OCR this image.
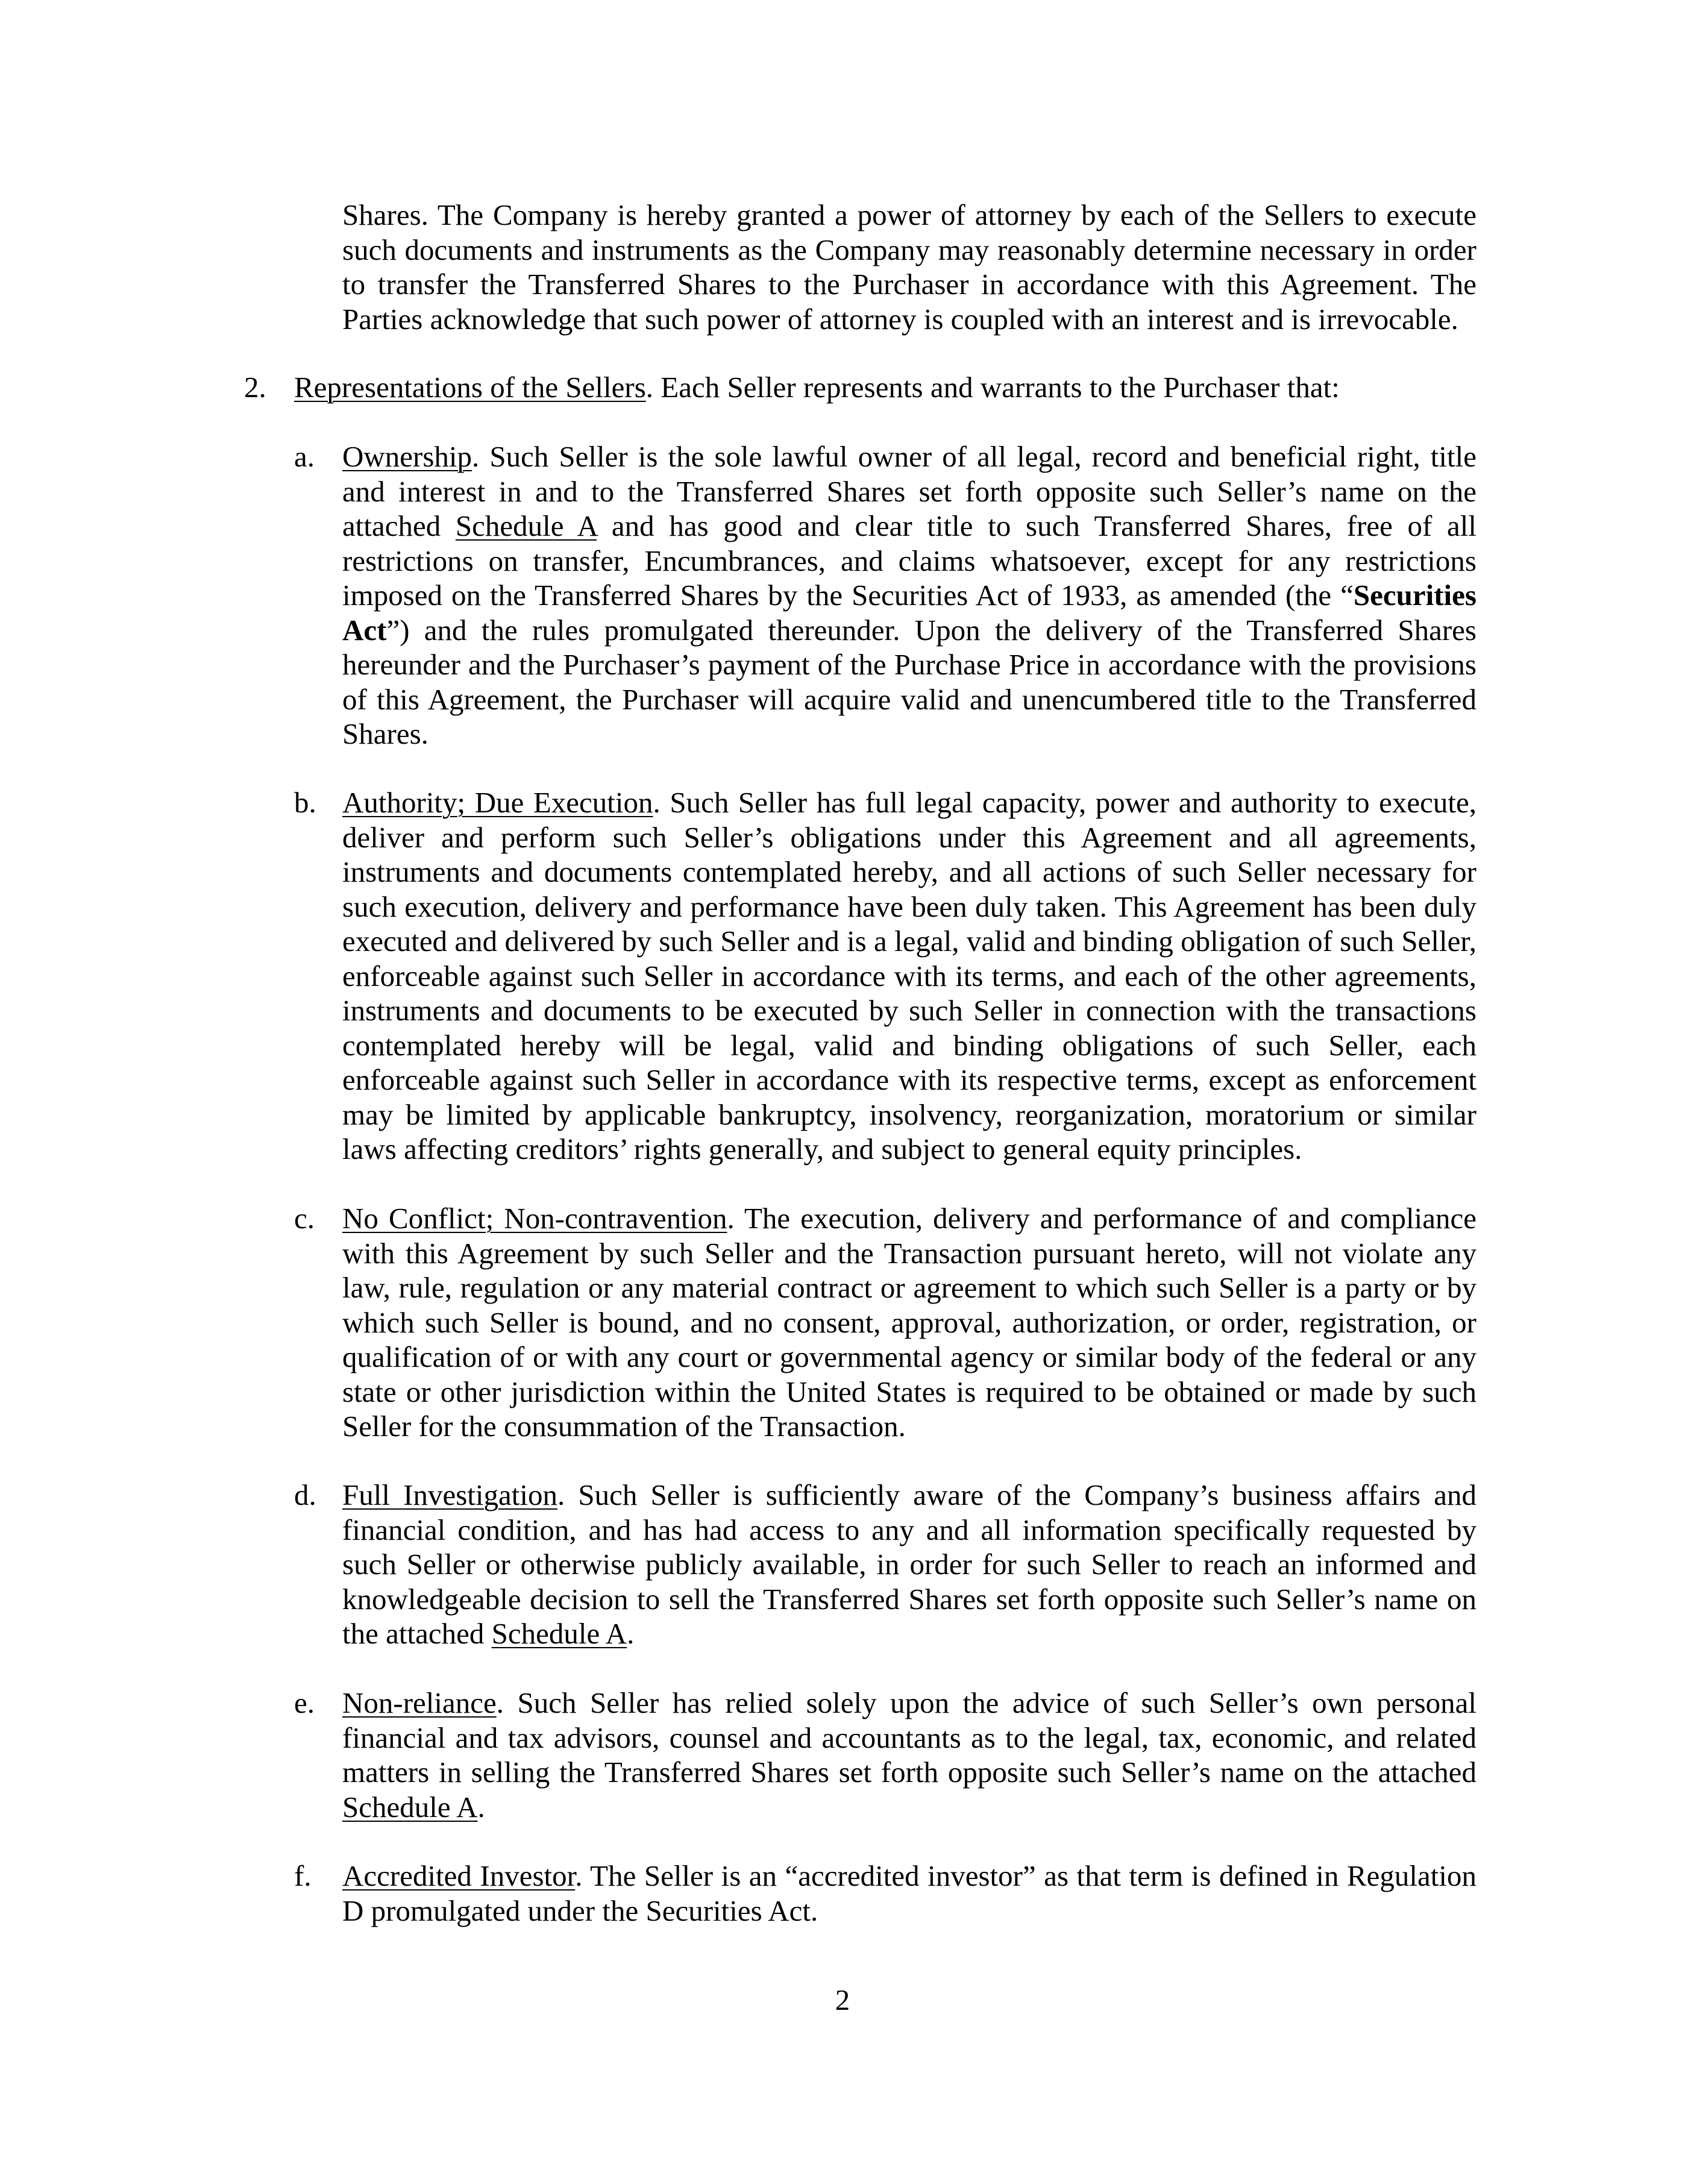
Shares. The Company is hereby granted a power of attorney by each of the Sellers to execute such documents and instruments as the Company may reasonably determine necessary in order to transfer the Transferred Shares to the Purchaser in accordance with this Agreement. The Parties acknowledge that such power of attorney is coupled with an interest and is irrevocable.

2. Representations of the Sellers. Each Seller represents and warrants to the Purchaser that:
a. Ownership. Such Seller is the sole lawful owner of all legal, record and beneficial right, title and interest in and to the Transferred Shares set forth opposite such Seller’s name on the attached Schedule A and has good and clear title to such Transferred Shares, free of all restrictions on transfer, Encumbrances, and claims whatsoever, except for any restrictions imposed on the Transferred Shares by the Securities Act of 1933, as amended (the “Securities Act”) and the rules promulgated thereunder. Upon the delivery of the Transferred Shares hereunder and the Purchaser’s payment of the Purchase Price in accordance with the provisions of this Agreement, the Purchaser will acquire valid and unencumbered title to the Transferred Shares.

b. Authority; Due Execution. Such Seller has full legal capacity, power and authority to execute, deliver and perform such Seller’s obligations under this Agreement and all agreements, instruments and documents contemplated hereby, and all actions of such Seller necessary for such execution, delivery and performance have been duly taken. This Agreement has been duly executed and delivered by such Seller and is a legal, valid and binding obligation of such Seller, enforceable against such Seller in accordance with its terms, and each of the other agreements, instruments and documents to be executed by such Seller in connection with the transactions contemplated hereby will be legal, valid and binding obligations of such Seller, each enforceable against such Seller in accordance with its respective terms, except as enforcement may be limited by applicable bankruptcy, insolvency, reorganization, moratorium or similar laws affecting creditors’ rights generally, and subject to general equity principles.

c. No Conflict; Non-contravention. The execution, delivery and performance of and compliance with this Agreement by such Seller and the Transaction pursuant hereto, will not violate any law, rule, regulation or any material contract or agreement to which such Seller is a party or by which such Seller is bound, and no consent, approval, authorization, or order, registration, or qualification of or with any court or governmental agency or similar body of the federal or any state or other jurisdiction within the United States is required to be obtained or made by such Seller for the consummation of the Transaction.

d. Full Investigation. Such Seller is sufficiently aware of the Company’s business affairs and financial condition, and has had access to any and all information specifically requested by such Seller or otherwise publicly available, in order for such Seller to reach an informed and knowledgeable decision to sell the Transferred Shares set forth opposite such Seller’s name on the attached Schedule A.

e. Non-reliance. Such Seller has relied solely upon the advice of such Seller’s own personal financial and tax advisors, counsel and accountants as to the legal, tax, economic, and related matters in selling the Transferred Shares set forth opposite such Seller’s name on the attached Schedule A.

f. Accredited Investor. The Seller is an “accredited investor” as that term is defined in Regulation D promulgated under the Securities Act.

2
